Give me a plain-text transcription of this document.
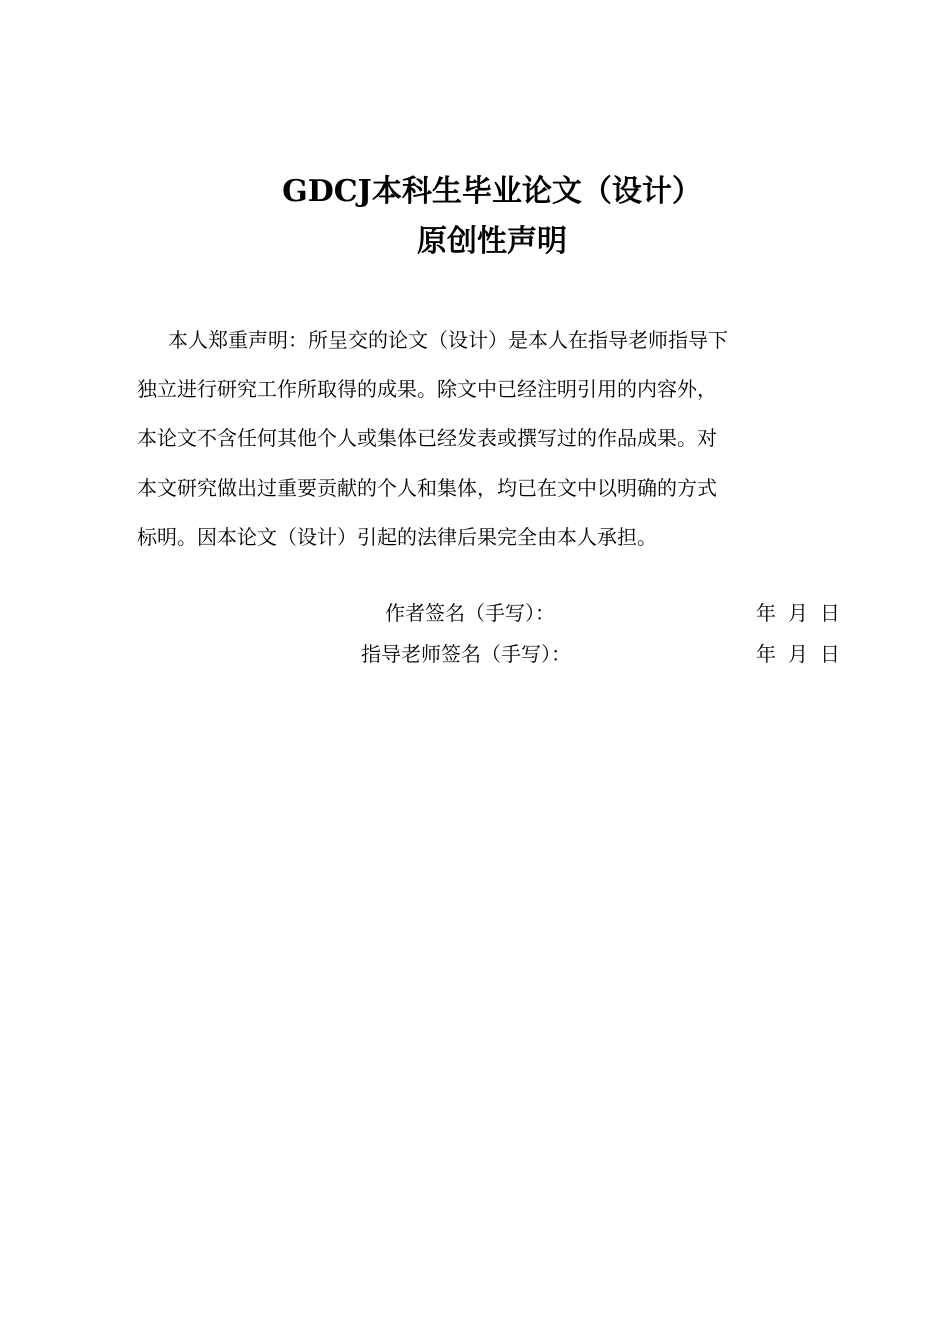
GDCJ本科生毕业论文（设计）
原创性声明
本人郑重声明：所呈交的论文（设计）是本人在指导老师指导下
独立进行研究工作所取得的成果。除文中已经注明引用的内容外，
本论文不含任何其他个人或集体已经发表或撰写过的作品成果。对
本文研究做出过重要贡献的个人和集体，均已在文中以明确的方式
标明。因本论文（设计）引起的法律后果完全由本人承担。
作者签名（手写）：	年 月 日
指导老师签名（手写）：	年 月 日
